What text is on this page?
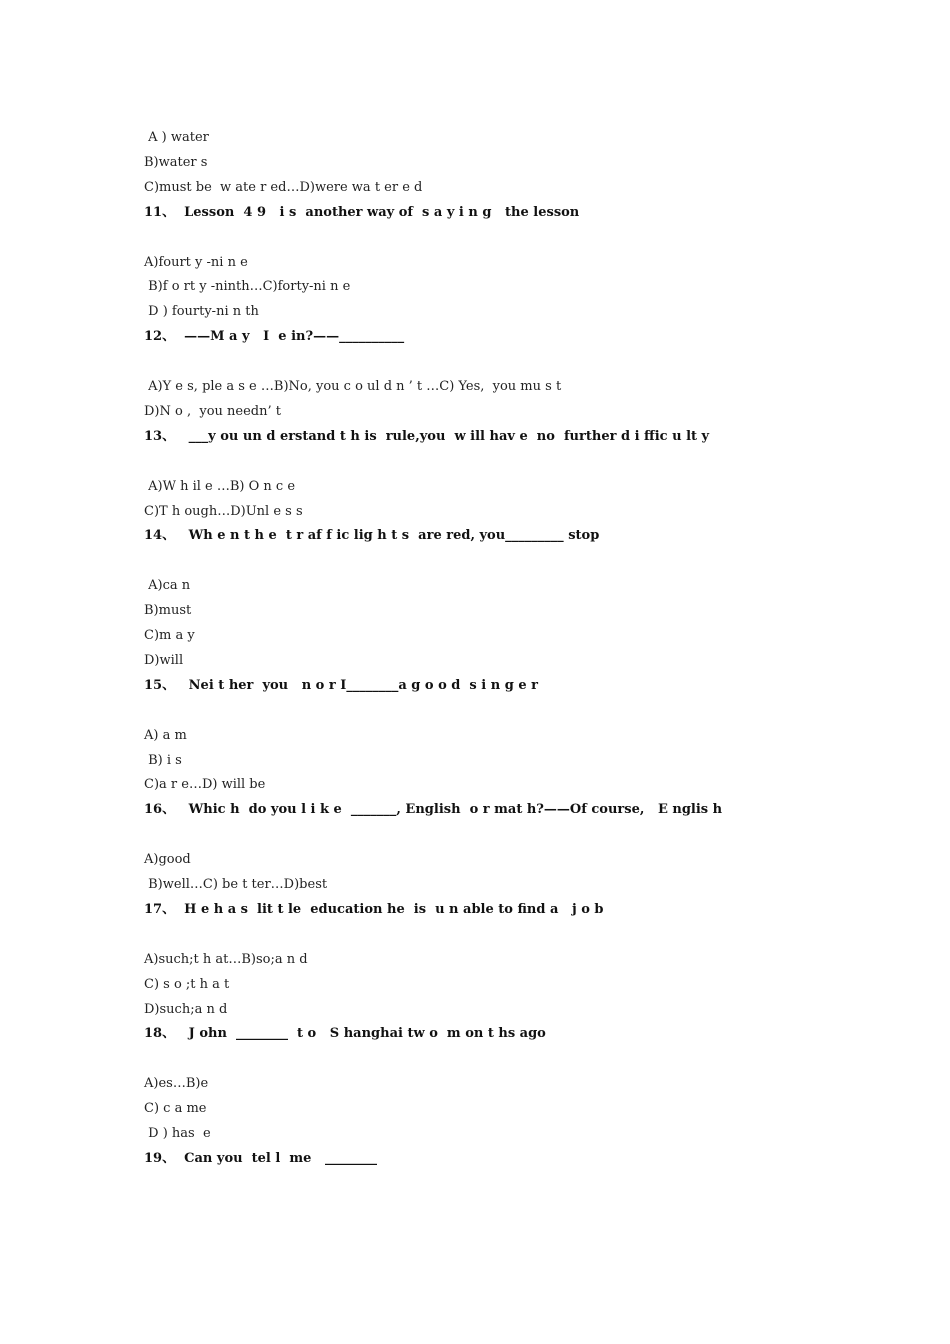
A ) water
B)water s
C)must be  w ate r ed…D)were wa t er e d
11、  Lesson  4 9   i s  another way of  s a y i n g   the lesson
A)fourt y -ni n e
B)f o rt y -ninth…C)forty-ni n e
D ) fourty-ni n th
12、  ——M a y   I  e in?——__________
A)Y e s, ple a s e …B)No, you c o ul d n ’ t …C) Yes,  you mu s t
D)N o ,  you needn’ t
13、   ___y ou un d erstand t h is  rule,you  w ill hav e  no  further d i ffic u lt y
A)W h il e …B) O n c e
C)T h ough…D)Unl e s s
14、   Wh e n t h e  t r af f ic lig h t s  are red, you_________ stop
A)ca n
B)must
C)m a y
D)will
15、   Nei t her  you   n o r I________a g o o d  s i n g e r
A) a m
B) i s
C)a r e…D) will be
16、   Whic h  do you l i k e  _______, English  o r mat h?——Of course,   E nglis h
A)good
B)well…C) be t ter…D)best
17、  H e h a s  lit t le  education he  is  u n able to find a   j o b
A)such;t h at…B)so;a n d
C) s o ;t h a t
D)such;a n d
18、   J ohn  ________  t o   S hanghai tw o  m on t hs ago
A)es…B)e
C) c a me
D ) has  e
19、  Can you  tel l  me   ________
